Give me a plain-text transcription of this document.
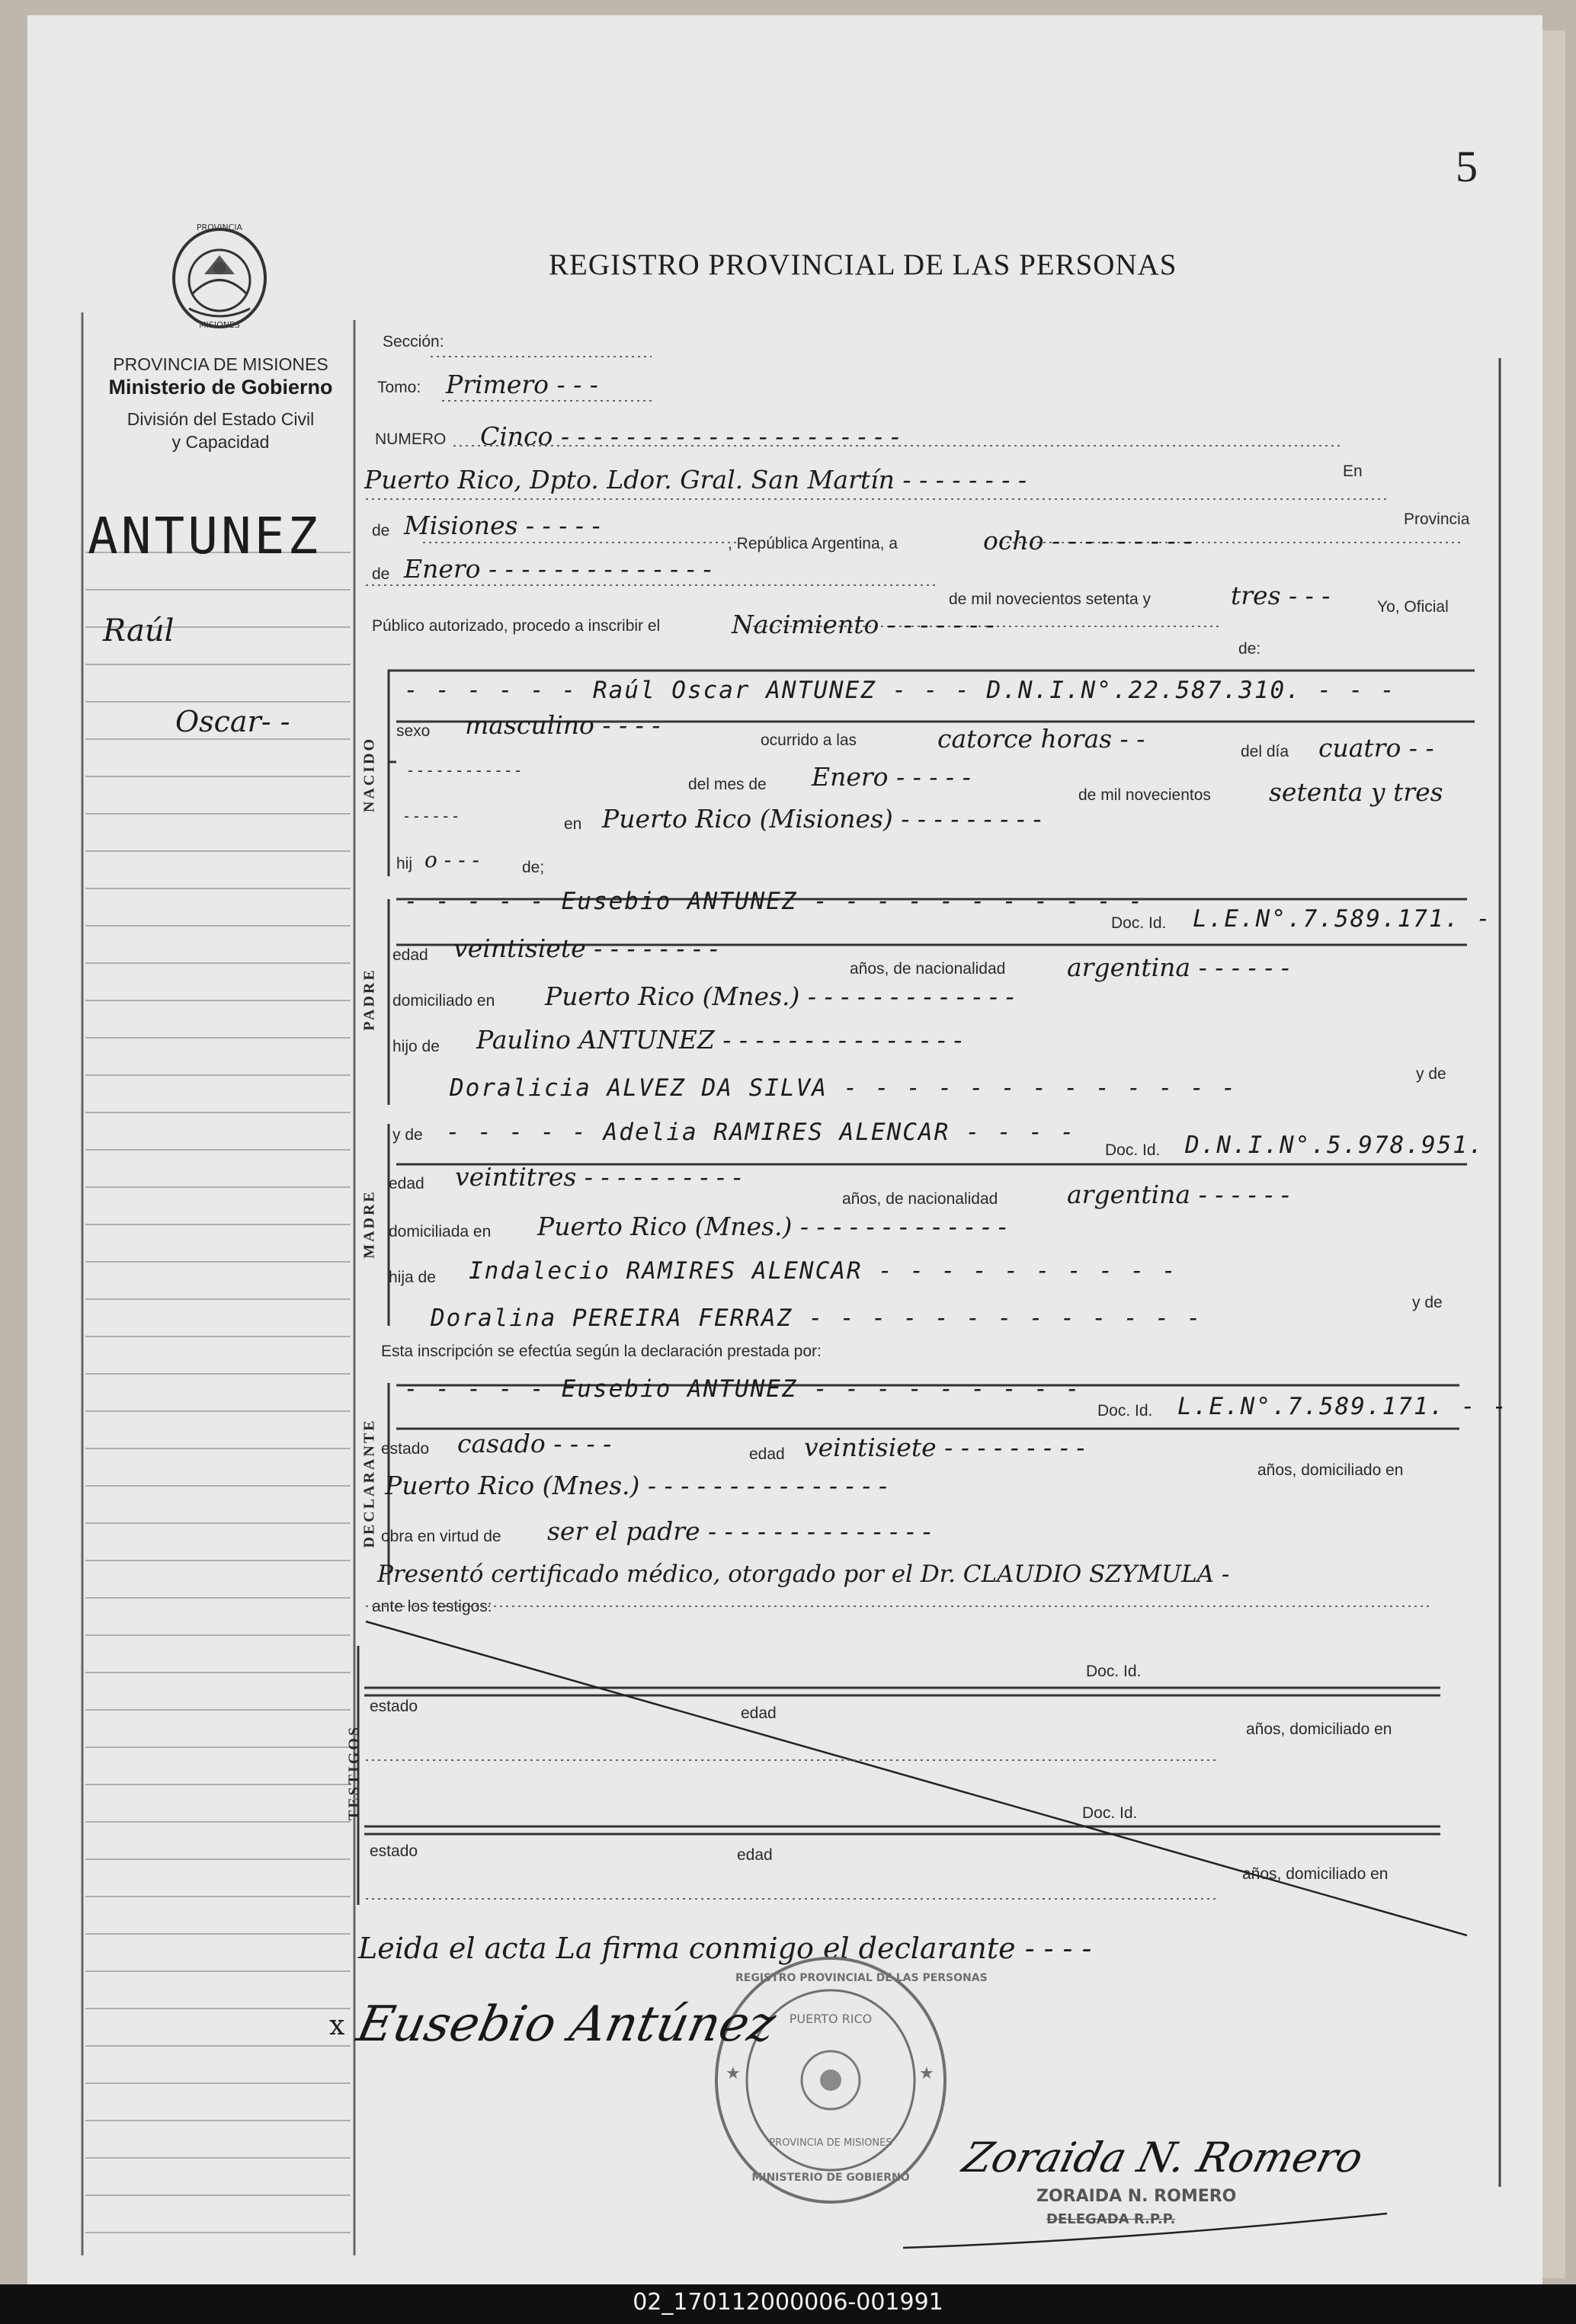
PROVINCIA
MISIONES
PROVINCIA DE MISIONES
Ministerio de Gobierno
División del Estado Civil
y Capacidad
REGISTRO PROVINCIAL DE LAS PERSONAS
5
ANTUNEZ
Raúl
Oscar- -
Sección:
Tomo: Primero - - -
NUMERO Cinco - - - - - - - - - - - - - - - - - - - - -
En
Puerto Rico, Dpto. Ldor. Gral. San Martín - - - - - - - -
Provincia
de Misiones - - - - -
, República Argentina, a	ocho - - - - - - - - -
de Enero - - - - - - - - - - - - - -
de mil novecientos setenta y	tres - - -	Yo, Oficial
Público autorizado, procedo a inscribir el	Nacimiento - - - - - - -
de:
NACIDO
- - - - - - Raúl Oscar ANTUNEZ - - - D.N.I.N°.22.587.310. - - -
sexo masculino - - - -
ocurrido a las	catorce horas - -	del día cuatro - -
- - - - - - - - - - - -
del mes de Enero - - - - -
de mil novecientos setenta y tres
- - - - - -	en Puerto Rico (Misiones) - - - - - - - - -
hij o - - -	de;
PADRE
- - - - - Eusebio ANTUNEZ - - - - - - - - - - -
Doc. Id. L.E.N°.7.589.171. -
edad veintisiete - - - - - - - -
años, de nacionalidad argentina - - - - - -
domiciliado en Puerto Rico (Mnes.) - - - - - - - - - - - - -
hijo de Paulino ANTUNEZ - - - - - - - - - - - - - - -
y de
Doralicia ALVEZ DA SILVA - - - - - - - - - - - - -
MADRE
y de - - - - - Adelia RAMIRES ALENCAR - - - -
Doc. Id. D.N.I.N°.5.978.951.
edad veintitres - - - - - - - - - -
años, de nacionalidad	argentina - - - - - -
domiciliada en Puerto Rico (Mnes.) - - - - - - - - - - - - -
hija de Indalecio RAMIRES ALENCAR - - - - - - - - - -
y de
Doralina PEREIRA FERRAZ - - - - - - - - - - - - -
Esta inscripción se efectúa según la declaración prestada por:
DECLARANTE
- - - - - Eusebio ANTUNEZ - - - - - - - - -
Doc. Id. L.E.N°.7.589.171. - -
estado casado - - - -	edad veintisiete - - - - - - - - -
años, domiciliado en
Puerto Rico (Mnes.) - - - - - - - - - - - - - - -
obra en virtud de ser el padre - - - - - - - - - - - - - -
Presentó certificado médico, otorgado por el Dr. CLAUDIO SZYMULA -
ante los testigos:
TESTIGOS
Doc. Id.
estado	edad
años, domiciliado en
Doc. Id.
estado	edad
años, domiciliado en
Leida el acta La firma conmigo el declarante - - - -
★	★
REGISTRO PROVINCIAL DE LAS PERSONAS
PUERTO RICO
PROVINCIA DE MISIONES
MINISTERIO DE GOBIERNO
x Eusebio Antúnez
Zoraida N. Romero
ZORAIDA N. ROMERO
DELEGADA R.P.P.
02_170112000006-001991
